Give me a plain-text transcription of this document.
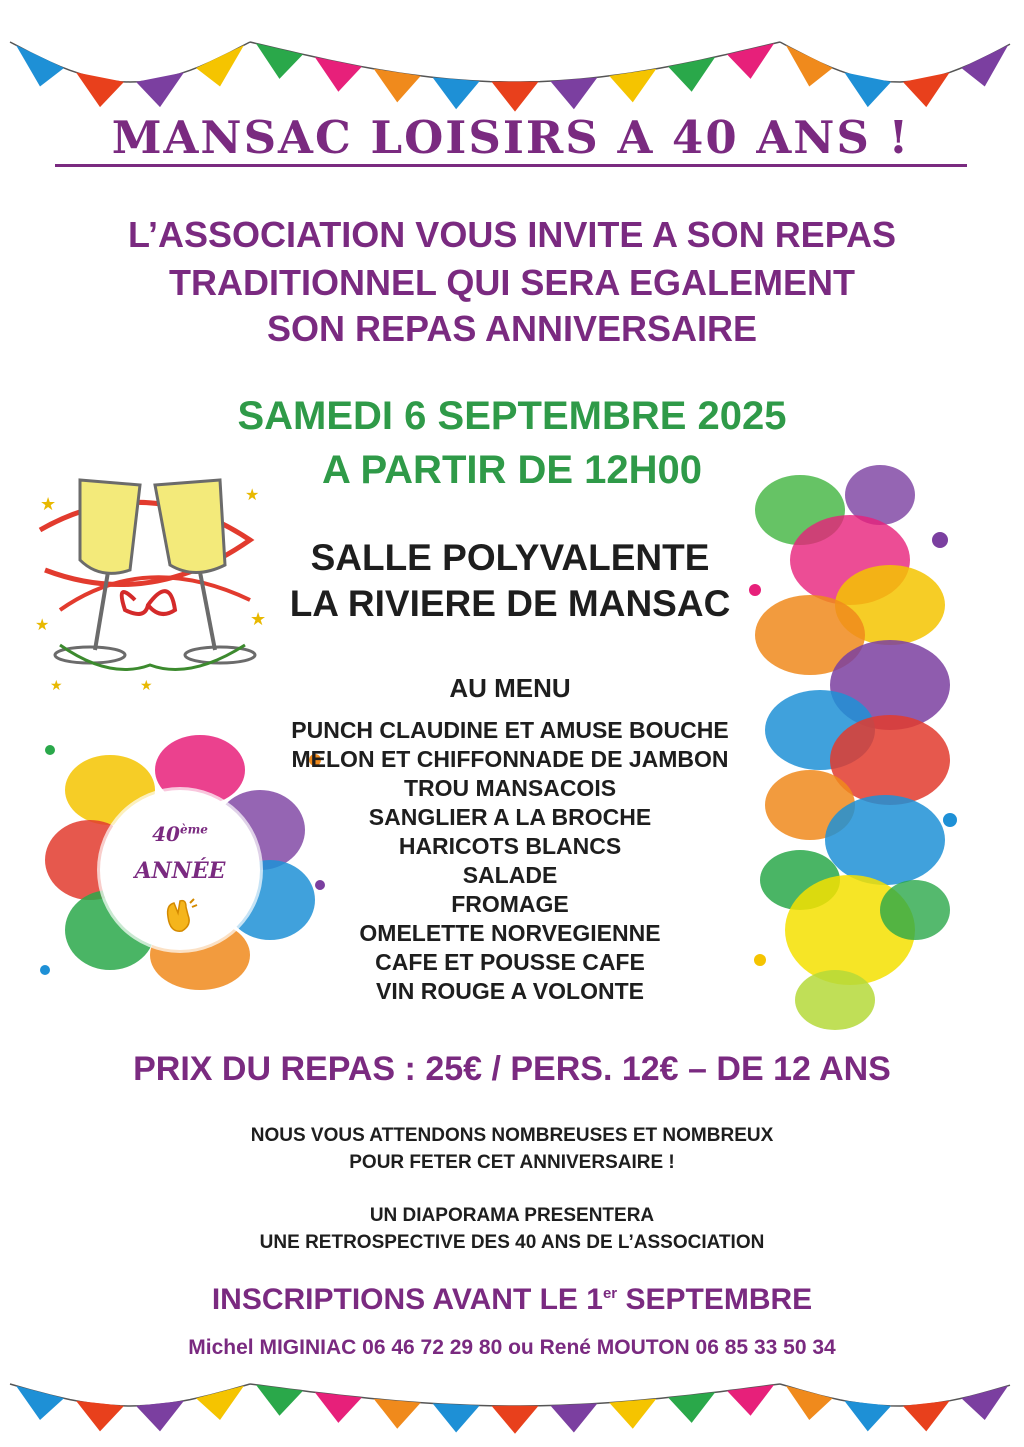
MANSAC LOISIRS A 40 ANS !
L’ASSOCIATION VOUS INVITE A SON REPAS
TRADITIONNEL QUI SERA EGALEMENT
SON REPAS ANNIVERSAIRE
SAMEDI 6 SEPTEMBRE 2025
A PARTIR DE 12H00
★	★
★	★
★
★
SALLE POLYVALENTE
LA RIVIERE DE MANSAC
40ème
ANNÉE
AU MENU
PUNCH CLAUDINE ET AMUSE BOUCHE
MELON ET CHIFFONNADE DE JAMBON
TROU MANSACOIS
SANGLIER A LA BROCHE
HARICOTS BLANCS
SALADE
FROMAGE
OMELETTE NORVEGIENNE
CAFE ET POUSSE CAFE
VIN ROUGE A VOLONTE
PRIX DU REPAS : 25€ / PERS. 12€ – DE 12 ANS
NOUS VOUS ATTENDONS NOMBREUSES ET NOMBREUX
POUR FETER CET ANNIVERSAIRE !
UN DIAPORAMA PRESENTERA
UNE RETROSPECTIVE DES 40 ANS DE L’ASSOCIATION
INSCRIPTIONS AVANT LE 1er SEPTEMBRE
Michel MIGINIAC 06 46 72 29 80 ou René MOUTON 06 85 33 50 34
